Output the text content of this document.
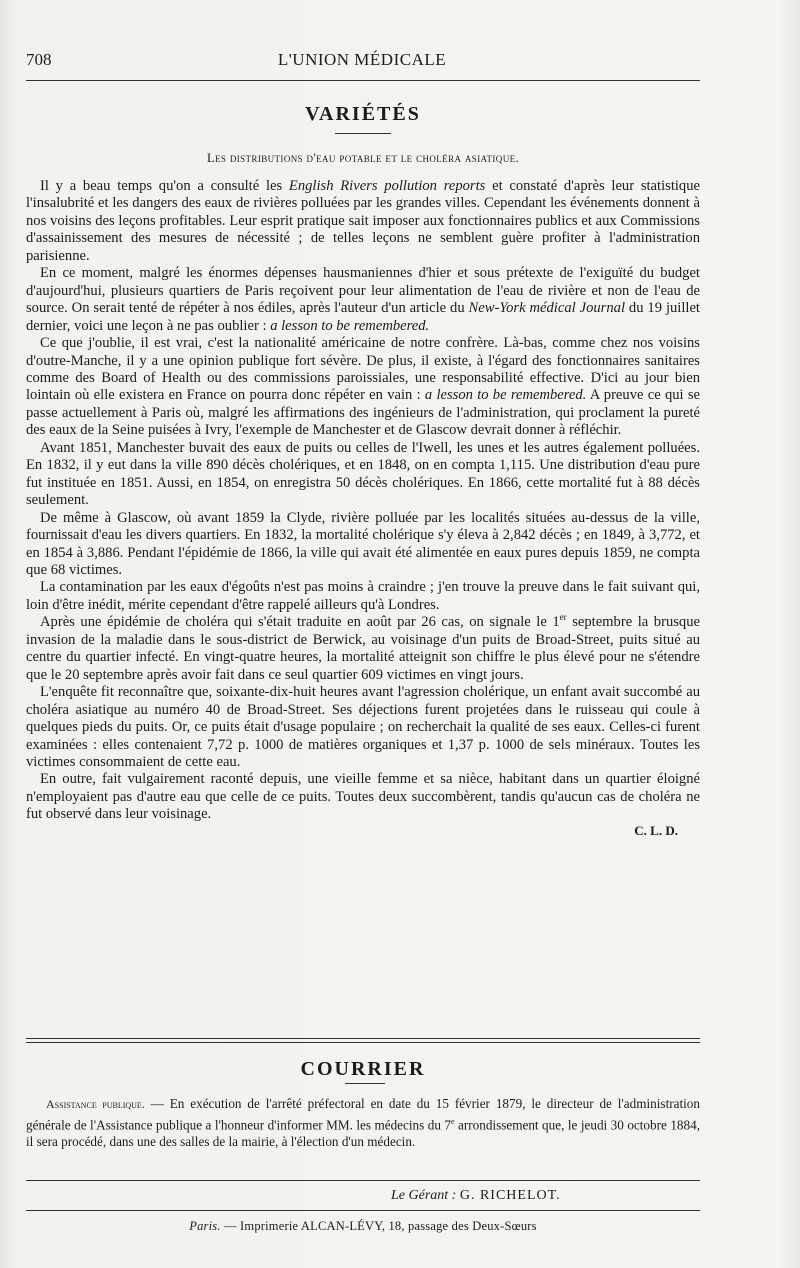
708	L'UNION MÉDICALE
VARIÉTÉS
Les distributions d'eau potable et le choléra asiatique.

Il y a beau temps qu'on a consulté les English Rivers pollution reports et constaté d'après leur statistique l'insalubrité et les dangers des eaux de rivières polluées par les grandes villes. Cependant les événements donnent à nos voisins des leçons profitables. Leur esprit pratique sait imposer aux fonctionnaires publics et aux Commissions d'assainissement des mesures de nécessité ; de telles leçons ne semblent guère profiter à l'administration parisienne.

En ce moment, malgré les énormes dépenses hausmaniennes d'hier et sous prétexte de l'exiguïté du budget d'aujourd'hui, plusieurs quartiers de Paris reçoivent pour leur alimentation de l'eau de rivière et non de l'eau de source. On serait tenté de répéter à nos édiles, après l'auteur d'un article du New-York médical Journal du 19 juillet dernier, voici une leçon à ne pas oublier : a lesson to be remembered.

Ce que j'oublie, il est vrai, c'est la nationalité américaine de notre confrère. Là-bas, comme chez nos voisins d'outre-Manche, il y a une opinion publique fort sévère. De plus, il existe, à l'égard des fonctionnaires sanitaires comme des Board of Health ou des commissions paroissiales, une responsabilité effective. D'ici au jour bien lointain où elle existera en France on pourra donc répéter en vain : a lesson to be remembered. A preuve ce qui se passe actuellement à Paris où, malgré les affirmations des ingénieurs de l'administration, qui proclament la pureté des eaux de la Seine puisées à Ivry, l'exemple de Manchester et de Glascow devrait donner à réfléchir.

Avant 1851, Manchester buvait des eaux de puits ou celles de l'Iwell, les unes et les autres également polluées. En 1832, il y eut dans la ville 890 décès cholériques, et en 1848, on en compta 1,115. Une distribution d'eau pure fut instituée en 1851. Aussi, en 1854, on enregistra 50 décès cholériques. En 1866, cette mortalité fut à 88 décès seulement.

De même à Glascow, où avant 1859 la Clyde, rivière polluée par les localités situées au-dessus de la ville, fournissait d'eau les divers quartiers. En 1832, la mortalité cholérique s'y éleva à 2,842 décès ; en 1849, à 3,772, et en 1854 à 3,886. Pendant l'épidémie de 1866, la ville qui avait été alimentée en eaux pures depuis 1859, ne compta que 68 victimes.

La contamination par les eaux d'égoûts n'est pas moins à craindre ; j'en trouve la preuve dans le fait suivant qui, loin d'être inédit, mérite cependant d'être rappelé ailleurs qu'à Londres.

Après une épidémie de choléra qui s'était traduite en août par 26 cas, on signale le 1er septembre la brusque invasion de la maladie dans le sous-district de Berwick, au voisinage d'un puits de Broad-Street, puits situé au centre du quartier infecté. En vingt-quatre heures, la mortalité atteignit son chiffre le plus élevé pour ne s'étendre que le 20 septembre après avoir fait dans ce seul quartier 609 victimes en vingt jours.

L'enquête fit reconnaître que, soixante-dix-huit heures avant l'agression cholérique, un enfant avait succombé au choléra asiatique au numéro 40 de Broad-Street. Ses déjections furent projetées dans le ruisseau qui coule à quelques pieds du puits. Or, ce puits était d'usage populaire ; on recherchait la qualité de ses eaux. Celles-ci furent examinées : elles contenaient 7,72 p. 1000 de matières organiques et 1,37 p. 1000 de sels minéraux. Toutes les victimes consommaient de cette eau.

En outre, fait vulgairement raconté depuis, une vieille femme et sa nièce, habitant dans un quartier éloigné n'employaient pas d'autre eau que celle de ce puits. Toutes deux succombèrent, tandis qu'aucun cas de choléra ne fut observé dans leur voisinage.

C. L. D.
COURRIER

Assistance publique. — En exécution de l'arrêté préfectoral en date du 15 février 1879, le directeur de l'administration générale de l'Assistance publique a l'honneur d'informer MM. les médecins du 7e arrondissement que, le jeudi 30 octobre 1884, il sera procédé, dans une des salles de la mairie, à l'élection d'un médecin.

Le Gérant : G. RICHELOT.
Paris. — Imprimerie ALCAN-LÉVY, 18, passage des Deux-Sœurs
